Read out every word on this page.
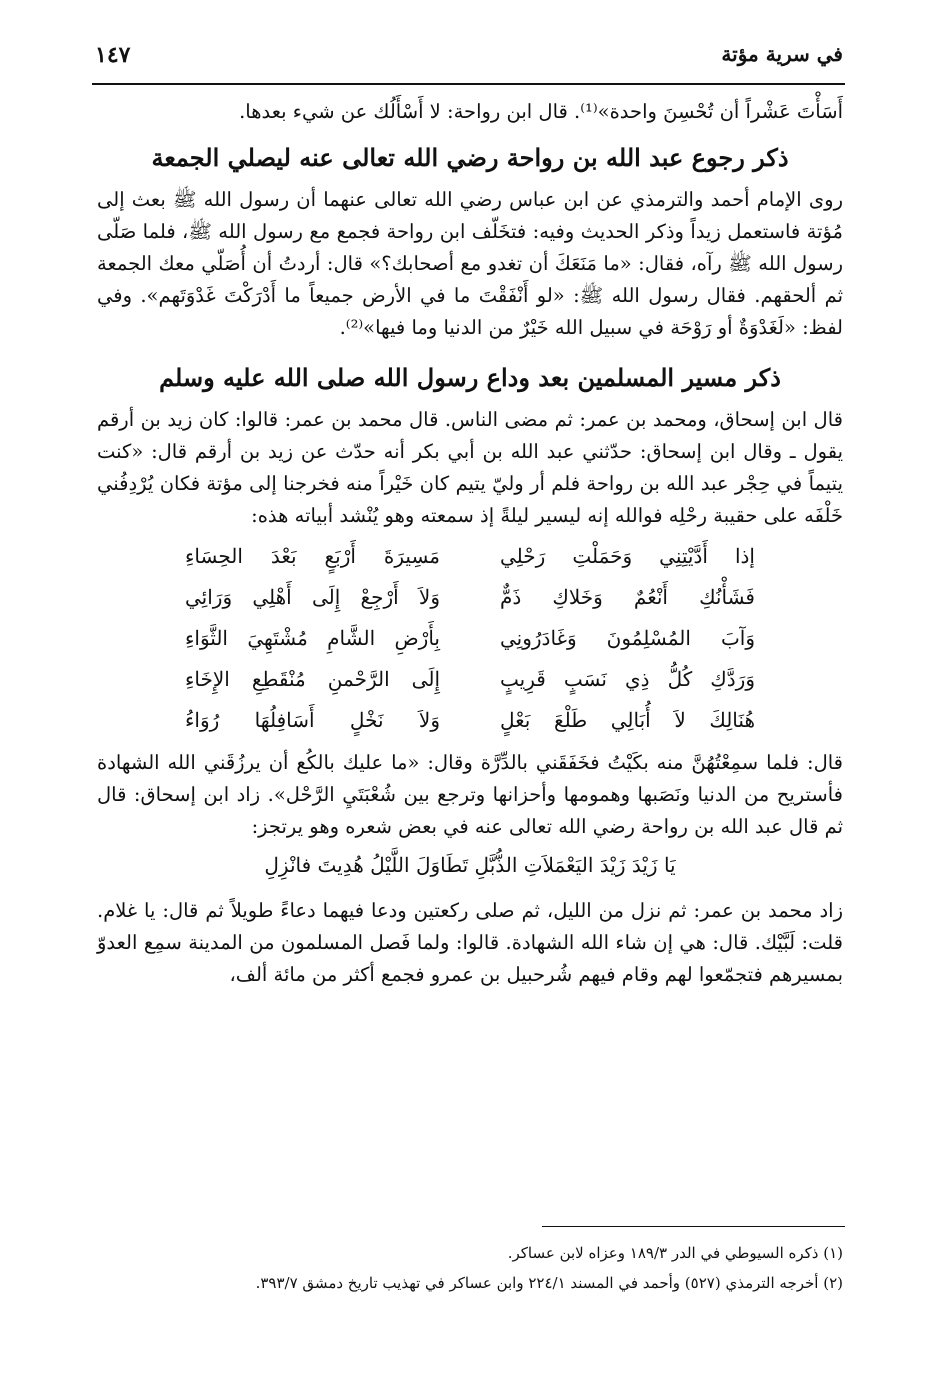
في سرية مؤتة
١٤٧

أَسَأْتَ عَشْراً أن تُحْسِنَ واحدة»⁽¹⁾. قال ابن رواحة: لا أَسْأَلُك عن شيء بعدها.

ذكر رجوع عبد الله بن رواحة رضي الله تعالى عنه ليصلي الجمعة

روى الإمام أحمد والترمذي عن ابن عباس رضي الله تعالى عنهما أن رسول الله ﷺ بعث إلى مُؤتة فاستعمل زيداً وذكر الحديث وفيه: فتخَلّف ابن رواحة فجمع مع رسول الله ﷺ، فلما صَلّى رسول الله ﷺ رآه، فقال: «ما مَنَعَكَ أن تغدو مع أصحابك؟» قال: أردتُ أن أُصَلّي معك الجمعة ثم ألحقهم. فقال رسول الله ﷺ: «لو أَنْفَقْتَ ما في الأرض جميعاً ما أَدْرَكْتَ غَدْوَتَهم». وفي لفظ: «لَغَدْوَةٌ أو رَوْحَة في سبيل الله خَيْرٌ من الدنيا وما فيها»⁽²⁾.

ذكر مسير المسلمين بعد وداع رسول الله صلى الله عليه وسلم

قال ابن إسحاق، ومحمد بن عمر: ثم مضى الناس. قال محمد بن عمر: قالوا: كان زيد بن أرقم يقول ـ وقال ابن إسحاق: حدّثني عبد الله بن أبي بكر أنه حدّث عن زيد بن أرقم قال: «كنت يتيماً في حِجْر عبد الله بن رواحة فلم أر وليّ يتيم كان خَيْراً منه فخرجنا إلى مؤتة فكان يُرْدِفُني خَلْفَه على حقيبة رحْلِه فوالله إنه ليسير ليلةً إذ سمعته وهو يُنْشد أبياته هذه:

إذا أَدَّيْتِنِي وَحَمَلْتِ رَحْلِي
مَسِيرَةَ أَرْبَعٍ بَعْدَ الحِسَاءِ
فَشَأْنُكِ أَنْعُمٌ وَخَلاكِ ذَمٌّ
وَلاَ أَرْجِعْ إِلَى أَهْلِي وَرَائِي
وَآبَ المُسْلِمُونَ وَغَادَرُونِي
بِأَرْضِ الشَّامِ مُشْتَهِيَ الثَّوَاءِ
وَرَدَّكِ كُلُّ ذِي نَسَبٍ قَرِيبٍ
إِلَى الرَّحْمنِ مُنْقَطِعِ الإِخَاءِ
هُنَالِكَ لاَ أُبَالِي طَلْعَ بَعْلٍ
وَلاَ نَخْلٍ أَسَافِلُهَا رُوَاءُ

قال: فلما سمِعْتُهُنَّ منه بكَيْتُ فخَفَقَني بالدِّرَّة وقال: «ما عليك بالكُع أن يرزُقَني الله الشهادة فأستريح من الدنيا ونَصَبها وهمومها وأحزانها وترجع بين شُعْبَتَيِ الرَّحْل». زاد ابن إسحاق: قال ثم قال عبد الله بن رواحة رضي الله تعالى عنه في بعض شعره وهو يرتجز:

يَا زَيْدَ زَيْدَ اليَعْمَلاَتِ الذُّبَّلِ تَطَاوَلَ اللَّيْلُ هُدِيتَ فانْزِلِ

زاد محمد بن عمر: ثم نزل من الليل، ثم صلى ركعتين ودعا فيهما دعاءً طويلاً ثم قال: يا غلام. قلت: لَبَّيْك. قال: هي إن شاء الله الشهادة. قالوا: ولما فَصل المسلمون من المدينة سمِع العدوّ بمسيرهم فتجمّعوا لهم وقام فيهم شُرحبيل بن عمرو فجمع أكثر من مائة ألف،

(١) ذكره السيوطي في الدر ١٨٩/٣ وعزاه لابن عساكر.

(٢) أخرجه الترمذي (٥٢٧) وأحمد في المسند ٢٢٤/١ وابن عساكر في تهذيب تاريخ دمشق ٣٩٣/٧.
